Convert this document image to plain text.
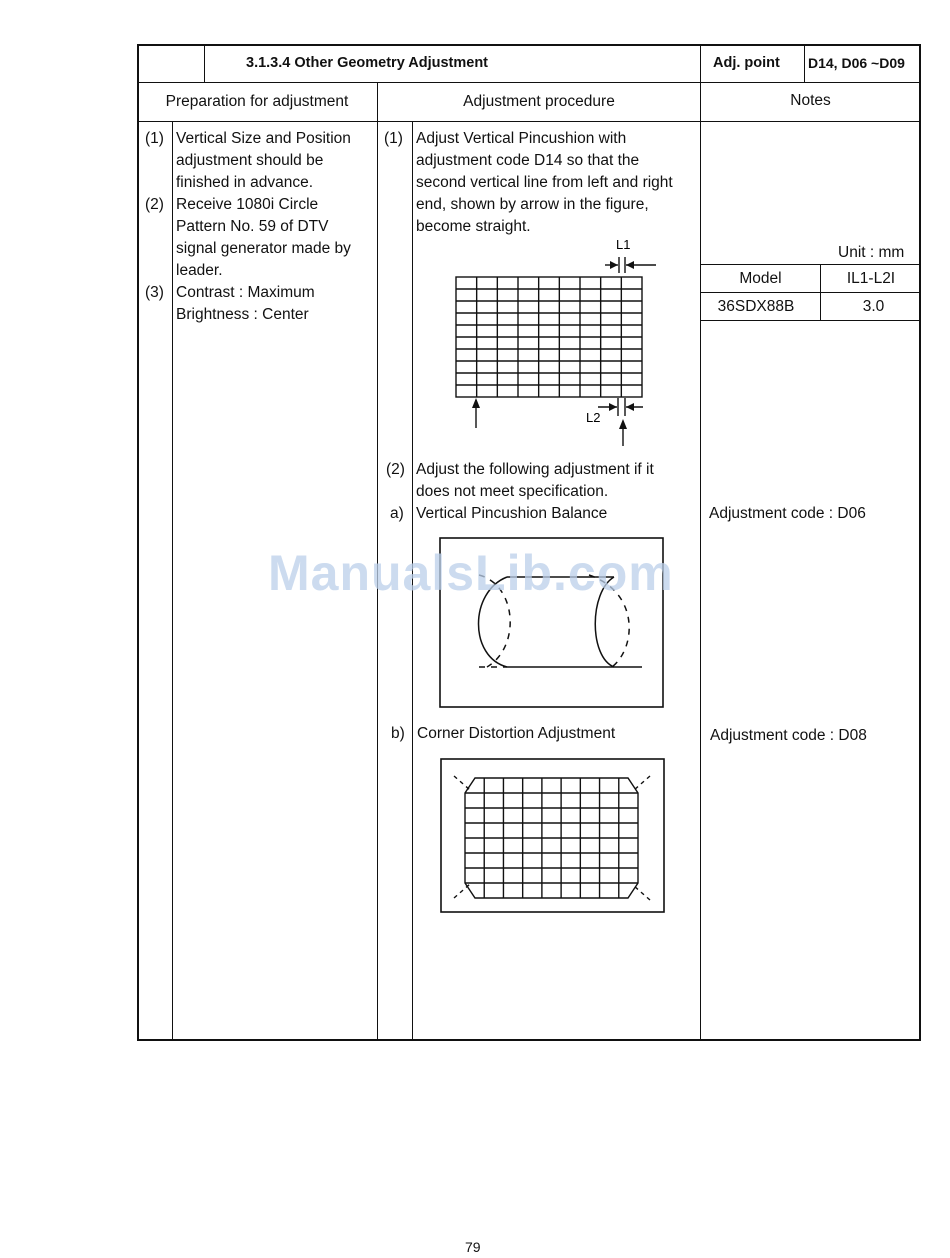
3.1.3.4 Other Geometry Adjustment	Adj. point D14, D06 ~D09
Preparation for adjustment	Adjustment procedure	Notes
(1) Vertical Size and Position
adjustment should be
finished in advance.
(2) Receive 1080i Circle
Pattern No. 59 of DTV
signal generator made by
leader.
(3) Contrast : Maximum
Brightness : Center
(1) Adjust Vertical Pincushion with
adjustment code D14 so that the
second vertical line from left and right
end, shown by arrow in the figure,
become straight.
L1
L2
(2) Adjust the following adjustment if it
does not meet specification.
a) Vertical Pincushion Balance
b) Corner Distortion Adjustment
Unit : mm
Model	IL1-L2I
36SDX88B	3.0
Adjustment code : D06
Adjustment code : D08
ManualsLib.com
79
